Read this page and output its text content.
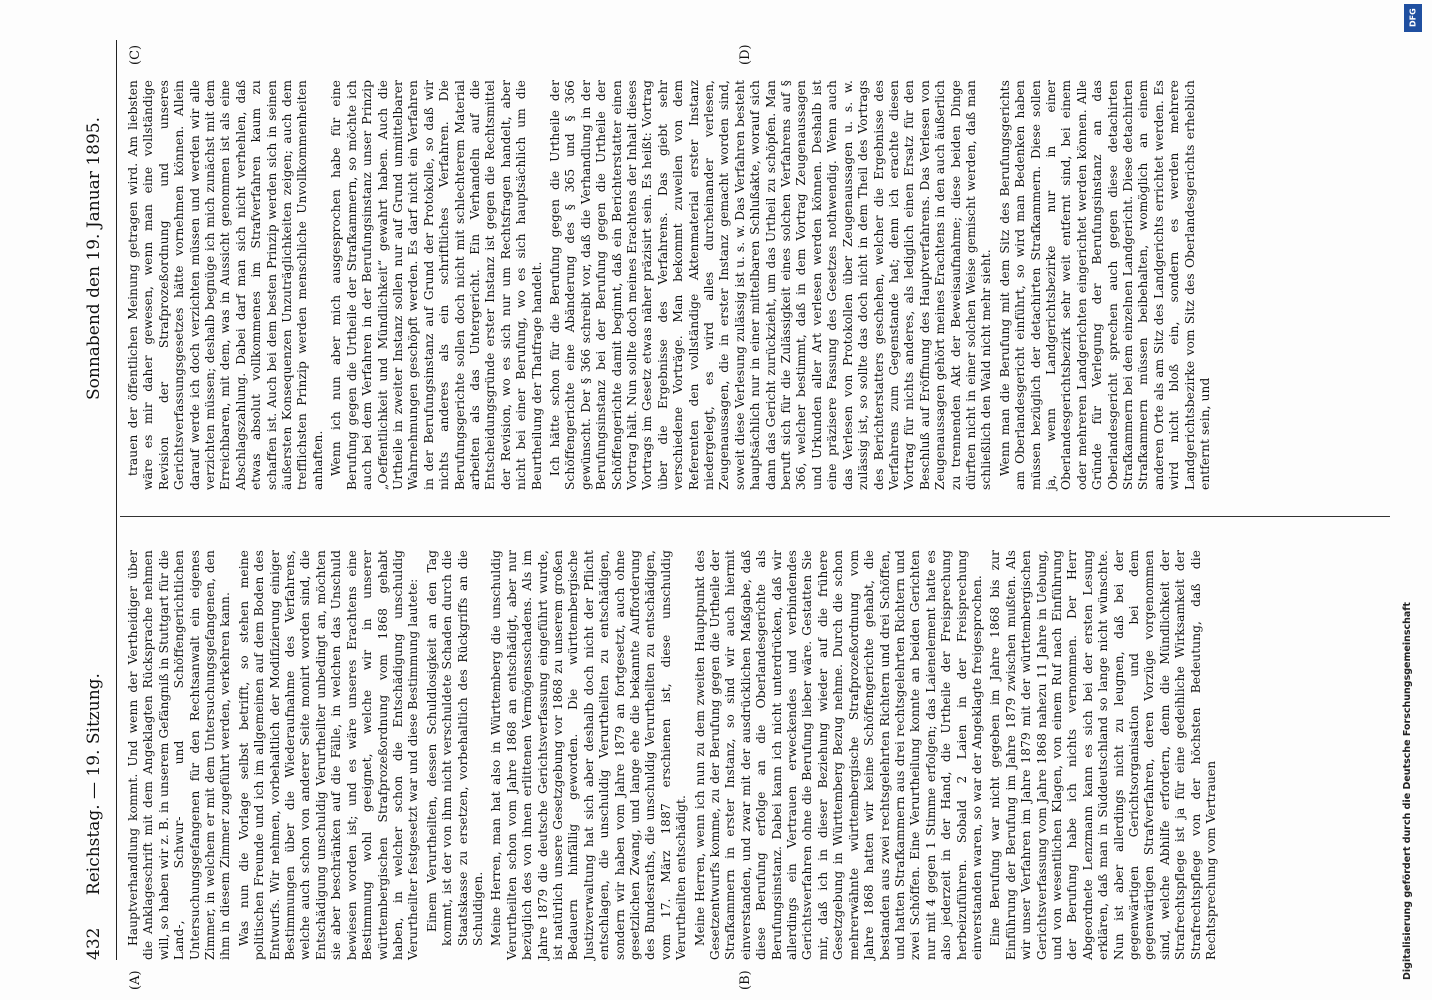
432      Reichstag. — 19. Sitzung.
Sonnabend den 19. Januar 1895.
(A)	(B)
(C)	(D)

Hauptverhandlung kommt. Und wenn der Vertheidiger über die Anklageschrift mit dem Angeklagten Rücksprache nehmen will, so haben wir z. B. in unserem Gefängniß in Stuttgart für die Land-, Schwur- und Schöffengerichtlichen Untersuchungsgefangenen für den Rechtsanwalt ein eigenes Zimmer, in welchem er mit dem Untersuchungsgefangenen, den ihm in diesem Zimmer zugeführt werden, verkehren kann. Was nun die Vorlage selbst betrifft, so stehen meine politischen Freunde und ich im allgemeinen auf dem Boden des Entwurfs. Wir nehmen, vorbehaltlich der Modifizierung einiger Bestimmungen über die Wiederaufnahme des Verfahrens, welche auch schon von anderer Seite monirt worden sind, die Entschädigung unschuldig Verurtheilter unbedingt an, möchten sie aber beschränken auf die Fälle, in welchen das Unschuld bewiesen worden ist; und es wäre unseres Erachtens eine Bestimmung wohl geeignet, welche wir in unserer württembergischen Strafprozeßordnung vom 1868 gehabt haben, in welcher schon die Entschädigung unschuldig Verurtheilter festgesetzt war und diese Bestimmung lautete: Einem Verurtheilten, dessen Schuldlosigkeit an den Tag kommt, ist der von ihm nicht verschuldete Schaden durch die Staatskasse zu ersetzen, vorbehaltlich des Rückgriffs an die Schuldigen. Meine Herren, man hat also in Württemberg die unschuldig Verurtheilten schon vom Jahre 1868 an entschädigt, aber nur bezüglich des von ihnen erlittenen Vermögensschadens. Als im Jahre 1879 die deutsche Gerichtsverfassung eingeführt wurde, ist natürlich unsere Gesetzgebung vor 1868 zu unserem großen Bedauern hinfällig geworden. Die württembergische Justizverwaltung hat sich aber deshalb doch nicht der Pflicht entschlagen, die unschuldig Verurtheilten zu entschädigen, sondern wir haben vom Jahre 1879 an fortgesetzt, auch ohne gesetzlichen Zwang, und lange ehe die bekannte Aufforderung des Bundesraths, die unschuldig Verurtheilten zu entschädigen, vom 17. März 1887 erschienen ist, diese unschuldig Verurtheilten entschädigt. Meine Herren, wenn ich nun zu dem zweiten Hauptpunkt des Gesetzentwurfs komme, zu der Berufung gegen die Urtheile der Strafkammern in erster Instanz, so sind wir auch hiermit einverstanden, und zwar mit der ausdrücklichen Maßgabe, daß diese Berufung erfolge an die Oberlandesgerichte als Berufungsinstanz. Dabei kann ich nicht unterdrücken, daß wir allerdings ein Vertrauen erweckendes und verbindendes Gerichtsverfahren ohne die Berufung lieber wäre. Gestatten Sie mir, daß ich in dieser Beziehung wieder auf die frühere Gesetzgebung in Württemberg Bezug nehme. Durch die schon mehrerwähnte württembergische Strafprozeßordnung vom Jahre 1868 hatten wir keine Schöffengerichte gehabt, die bestanden aus zwei rechtsgelehrten Richtern und drei Schöffen, und hatten Strafkammern aus drei rechtsgelehrten Richtern und zwei Schöffen. Eine Verurtheilung konnte an beiden Gerichten nur mit 4 gegen 1 Stimme erfolgen; das Laienelement hatte es also jederzeit in der Hand, die Urtheile der Freisprechung herbeizuführen. Sobald 2 Laien in der Freisprechung einverstanden waren, so war der Angeklagte freigesprochen. Eine Berufung war nicht gegeben im Jahre 1868 bis zur Einführung der Berufung im Jahre 1879 zwischen mußten. Als wir unser Verfahren im Jahre 1879 mit der württembergischen Gerichtsverfassung vom Jahre 1868 nahezu 11 Jahre in Uebung, und von wesentlichen Klagen, von einem Ruf nach Einführung der Berufung habe ich nichts vernommen. Der Herr Abgeordnete Lenzmann kann es sich bei der ersten Lesung erklären, daß man in Süddeutschland so lange nicht wünschte. Nun ist aber allerdings nicht zu leugnen, daß bei der gegenwärtigen Gerichtsorganisation und bei dem gegenwärtigen Strafverfahren, deren Vorzüge vorgenommen sind, welche Abhilfe erfordern, denn die Mündlichkeit der Strafrechtspflege ist ja für eine gedeihliche Wirksamkeit der Strafrechtspflege von der höchsten Bedeutung, daß die Rechtsprechung vom Vertrauen

trauen der öffentlichen Meinung getragen wird. Am liebsten wäre es mir daher gewesen, wenn man eine vollständige Revision der Strafprozeßordnung und unseres Gerichtsverfassungsgesetzes hätte vornehmen können. Allein darauf werde ich doch verzichten müssen und werden wir alle verzichten müssen; deshalb begnüge ich mich zunächst mit dem Erreichbaren, mit dem, was in Aussicht genommen ist als eine Abschlagszahlung. Dabei darf man sich nicht verhehlen, daß etwas absolut vollkommenes im Strafverfahren kaum zu schaffen ist. Auch bei dem besten Prinzip werden sich in seinen äußersten Konsequenzen Unzuträglichkeiten zeigen; auch dem trefflichsten Prinzip werden menschliche Unvollkommenheiten anhaften. Wenn ich nun aber mich ausgesprochen habe für eine Berufung gegen die Urtheile der Strafkammern, so möchte ich auch bei dem Verfahren in der Berufungsinstanz unser Prinzip „Oeffentlichkeit und Mündlichkeit“ gewahrt haben. Auch die Urtheile in zweiter Instanz sollen nur auf Grund unmittelbarer Wahrnehmungen geschöpft werden. Es darf nicht ein Verfahren in der Berufungsinstanz auf Grund der Protokolle, so daß wir nichts anderes als ein schriftliches Verfahren. Die Berufungsgerichte sollen doch nicht mit schlechterem Material arbeiten als das Untergericht. Ein Verhandeln auf die Entscheidungsgründe erster Instanz ist gegen die Rechtsmittel der Revision, wo es sich nur um Rechtsfragen handelt, aber nicht bei einer Berufung, wo es sich hauptsächlich um die Beurtheilung der Thatfrage handelt. Ich hätte schon für die Berufung gegen die Urtheile der Schöffengerichte eine Abänderung des § 365 und § 366 gewünscht. Der § 366 schreibt vor, daß die Verhandlung in der Berufungsinstanz bei der Berufung gegen die Urtheile der Schöffengerichte damit beginnt, daß ein Berichterstatter einen Vortrag hält. Nun sollte doch meines Erachtens der Inhalt dieses Vortrags im Gesetz etwas näher präzisirt sein. Es heißt: Vortrag über die Ergebnisse des Verfahrens. Das giebt sehr verschiedene Vorträge. Man bekommt zuweilen von dem Referenten den vollständige Aktenmaterial erster Instanz niedergelegt, es wird alles durcheinander verlesen, Zeugenaussagen, die in erster Instanz gemacht worden sind, soweit diese Verlesung zulässig ist u. s. w. Das Verfahren besteht hauptsächlich nur in einer mittelbaren Schlußakte, worauf sich dann das Gericht zurückzieht, um das Urtheil zu schöpfen. Man beruft sich für die Zulässigkeit eines solchen Verfahrens auf § 366, welcher bestimmt, daß in dem Vortrag Zeugenaussagen und Urkunden aller Art verlesen werden können. Deshalb ist eine präzisere Fassung des Gesetzes nothwendig. Wenn auch das Verlesen von Protokollen über Zeugenaussagen u. s. w. zulässig ist, so sollte das doch nicht in dem Theil des Vortrags des Berichterstatters geschehen, welcher die Ergebnisse des Verfahrens zum Gegenstande hat; denn ich erachte diesen Vortrag für nichts anderes, als lediglich einen Ersatz für den Beschluß auf Eröffnung des Hauptverfahrens. Das Verlesen von Zeugenaussagen gehört meines Erachtens in den auch äußerlich zu trennenden Akt der Beweisaufnahme; diese beiden Dinge dürften nicht in einer solchen Weise gemischt werden, daß man schließlich den Wald nicht mehr sieht. Wenn man die Berufung mit dem Sitz des Berufungsgerichts am Oberlandesgericht einführt, so wird man Bedenken haben müssen bezüglich der detachirten Strafkammern. Diese sollen ja, wenn Landgerichtsbezirke nur in einer Oberlandesgerichtsbezirk sehr weit entfernt sind, bei einem oder mehreren Landgerichten eingerichtet werden können. Alle Gründe für Verlegung der Berufungsinstanz an das Oberlandesgericht sprechen auch gegen diese detachirten Strafkammern bei dem einzelnen Landgericht. Diese detachirten Strafkammern müssen beibehalten, womöglich an einem anderen Orte als am Sitz des Landgerichts errichtet werden. Es wird nicht bloß ein, sondern es werden mehrere Landgerichtsbezirke vom Sitz des Oberlandesgerichts erheblich entfernt sein, und

DFG
Digitalisierung gefördert durch die Deutsche Forschungsgemeinschaft
